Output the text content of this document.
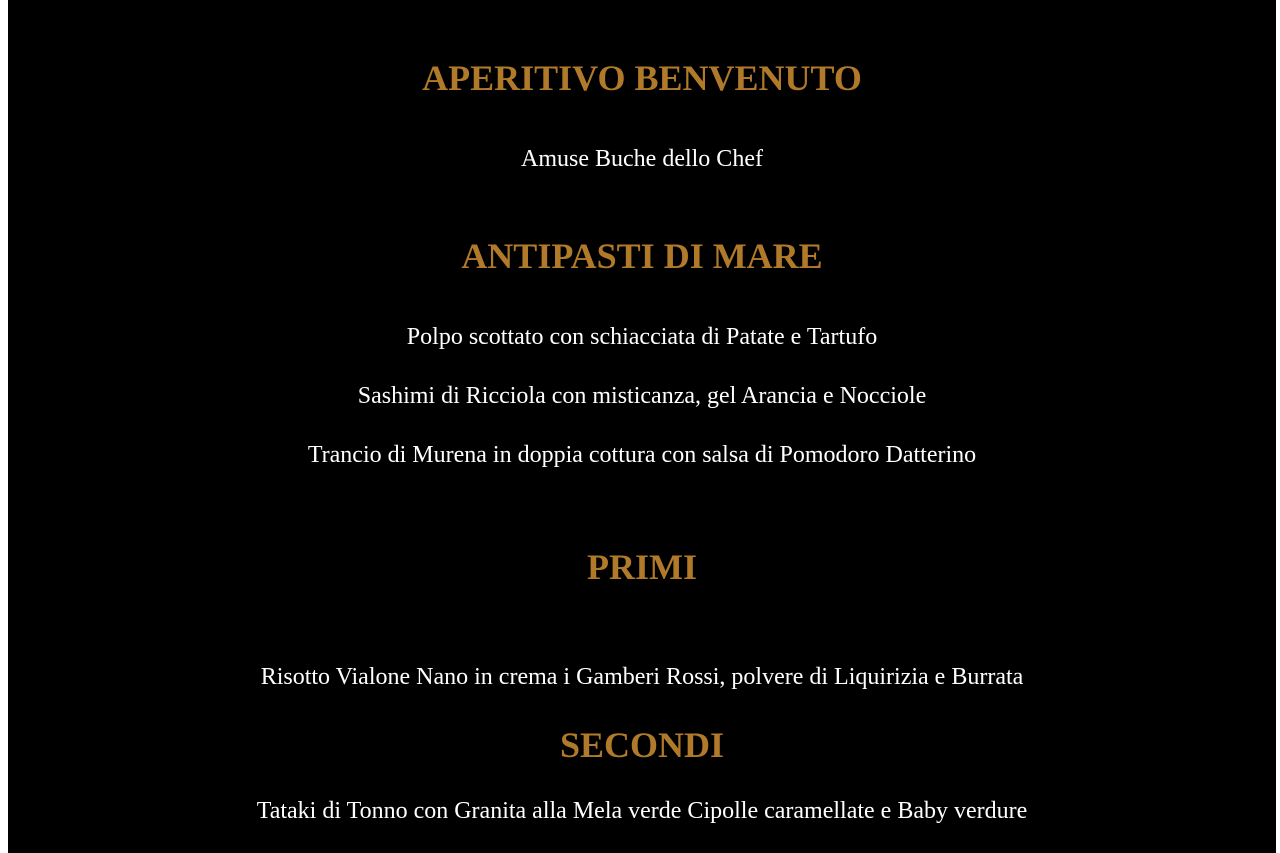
APERITIVO BENVENUTO

Amuse Buche dello Chef

ANTIPASTI DI MARE

Polpo scottato con schiacciata di Patate e Tartufo

Sashimi di Ricciola con misticanza, gel Arancia e Nocciole

Trancio di Murena in doppia cottura con salsa di Pomodoro Datterino

PRIMI

Risotto Vialone Nano in crema i Gamberi Rossi, polvere di Liquirizia e Burrata

SECONDI

Tataki di Tonno con Granita alla Mela verde Cipolle caramellate e Baby verdure
